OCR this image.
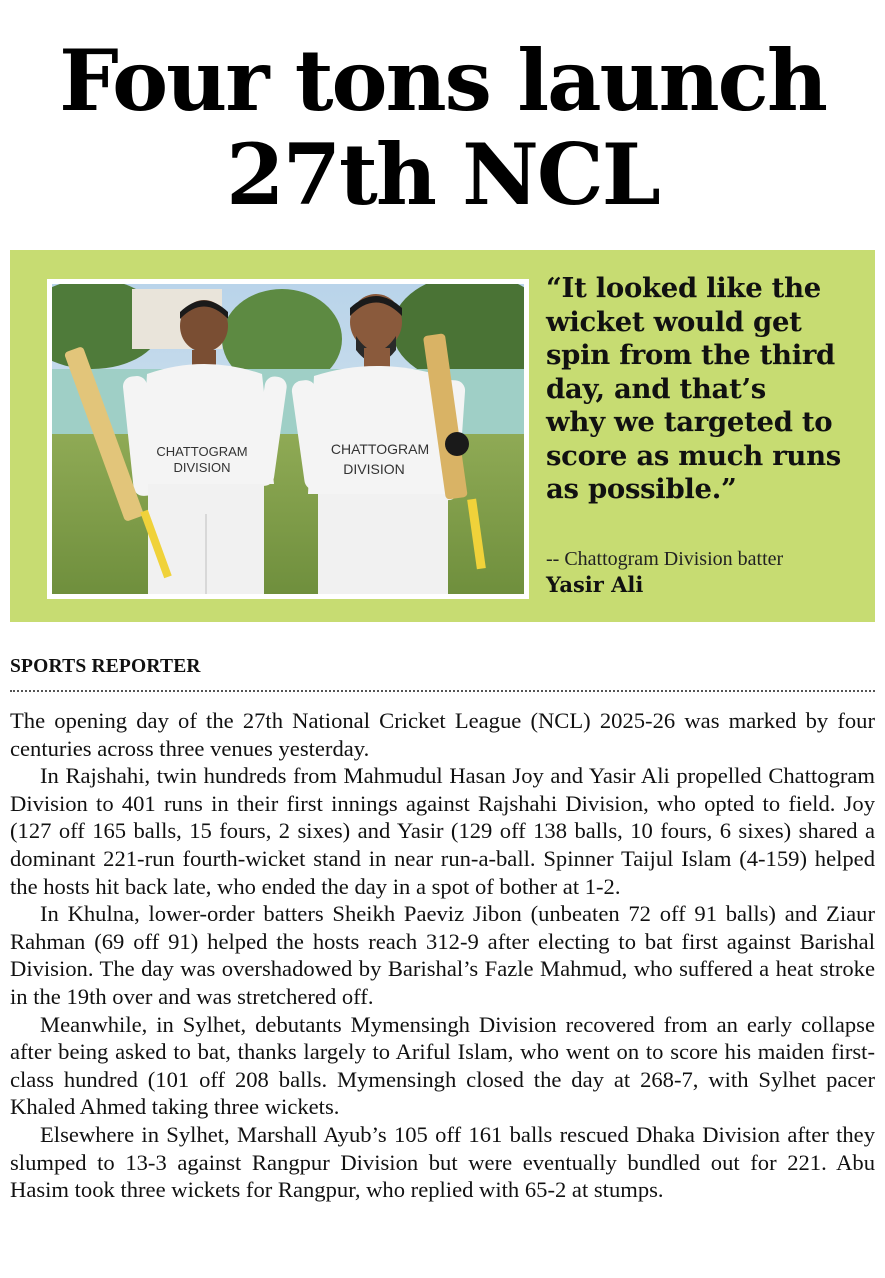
Four tons launch
27th NCL
CHATTOGRAM
DIVISION
CHATTOGRAM
DIVISION

“It looked like the
wicket would get
spin from the third
day, and that’s
why we targeted to
score as much runs
as possible.”

-- Chattogram Division batter
Yasir Ali
SPORTS REPORTER

The opening day of the 27th National Cricket League (NCL) 2025-26 was marked by four centuries across three venues yesterday.

In Rajshahi, twin hundreds from Mahmudul Hasan Joy and Yasir Ali propelled Chattogram Division to 401 runs in their first innings against Rajshahi Division, who opted to field. Joy (127 off 165 balls, 15 fours, 2 sixes) and Yasir (129 off 138 balls, 10 fours, 6 sixes) shared a dominant 221-run fourth-wicket stand in near run-a-ball. Spinner Taijul Islam (4-159) helped the hosts hit back late, who ended the day in a spot of bother at 1-2.

In Khulna, lower-order batters Sheikh Paeviz Jibon (unbeaten 72 off 91 balls) and Ziaur Rahman (69 off 91) helped the hosts reach 312-9 after electing to bat first against Barishal Division. The day was overshadowed by Barishal’s Fazle Mahmud, who suffered a heat stroke in the 19th over and was stretchered off.

Meanwhile, in Sylhet, debutants Mymensingh Division recovered from an early collapse after being asked to bat, thanks largely to Ariful Islam, who went on to score his maiden first-class hundred (101 off 208 balls. Mymensingh closed the day at 268-7, with Sylhet pacer Khaled Ahmed taking three wickets.

Elsewhere in Sylhet, Marshall Ayub’s 105 off 161 balls rescued Dhaka Division after they slumped to 13-3 against Rangpur Division but were eventually bundled out for 221. Abu Hasim took three wickets for Rangpur, who replied with 65-2 at stumps.
